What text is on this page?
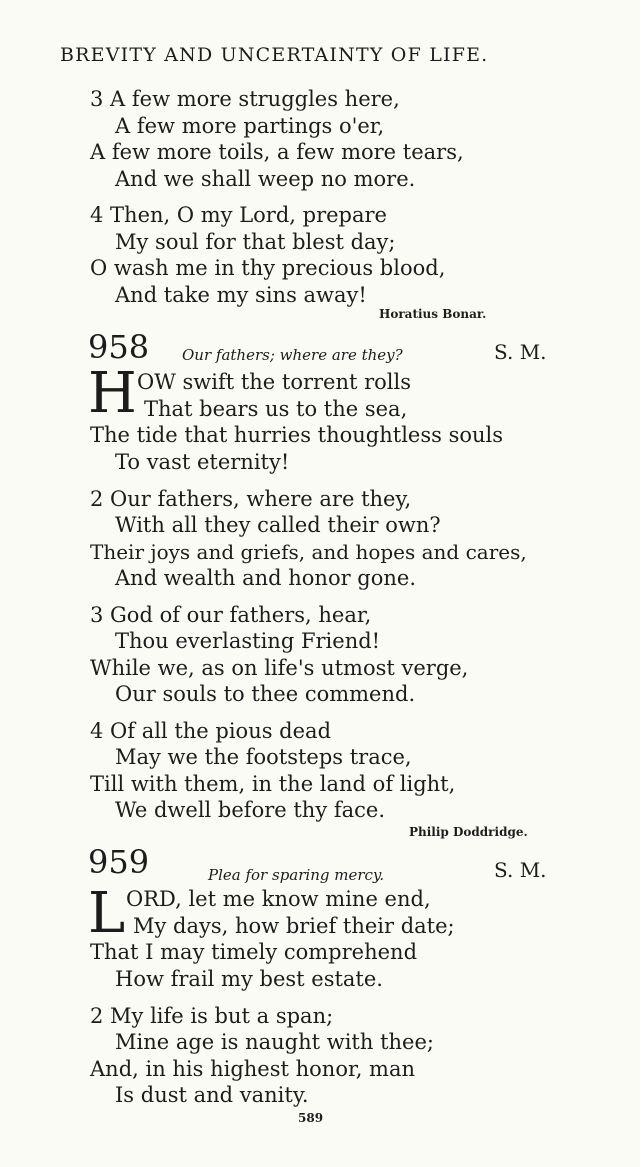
BREVITY AND UNCERTAINTY OF LIFE.
3 A few more struggles here,
A few more partings o'er,
A few more toils, a few more tears,
And we shall weep no more.
4 Then, O my Lord, prepare
My soul for that blest day;
O wash me in thy precious blood,
And take my sins away!
Horatius Bonar.
958 Our fathers; where are they?	S. M.
H OW swift the torrent rolls
That bears us to the sea,
The tide that hurries thoughtless souls
To vast eternity!
2 Our fathers, where are they,
With all they called their own?
Their joys and griefs, and hopes and cares,
And wealth and honor gone.
3 God of our fathers, hear,
Thou everlasting Friend!
While we, as on life's utmost verge,
Our souls to thee commend.
4 Of all the pious dead
May we the footsteps trace,
Till with them, in the land of light,
We dwell before thy face.
Philip Doddridge.
959	Plea for sparing mercy.	S. M.
L ORD, let me know mine end,
My days, how brief their date;
That I may timely comprehend
How frail my best estate.
2 My life is but a span;
Mine age is naught with thee;
And, in his highest honor, man
Is dust and vanity.
589
